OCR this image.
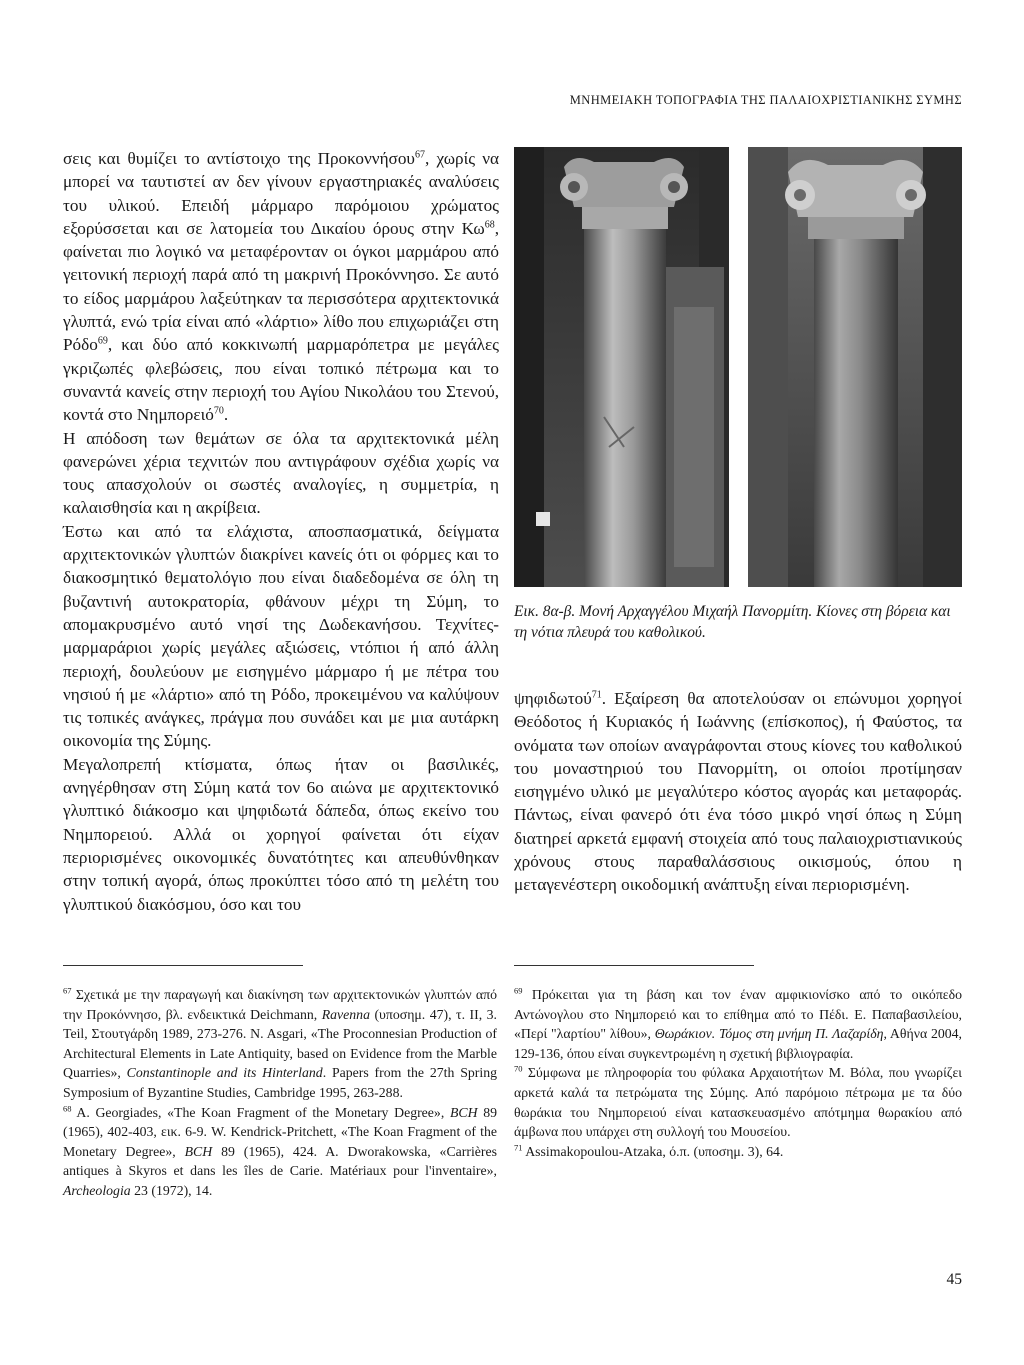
ΜΝΗΜΕΙΑΚΗ ΤΟΠΟΓΡΑΦΙΑ ΤΗΣ ΠΑΛΑΙΟΧΡΙΣΤΙΑΝΙΚΗΣ ΣΥΜΗΣ

σεις και θυμίζει το αντίστοιχο της Προκοννήσου$^{67}$, χωρίς να μπορεί να ταυτιστεί αν δεν γίνουν εργαστηριακές αναλύσεις του υλικού. Επειδή μάρμαρο παρόμοιου χρώματος εξορύσσεται και σε λατομεία του Δικαίου όρους στην $K\omega^{68}$, φαίνεται πιο λογικό να μεταφέρονταν οι όγκοι μαρμάρου από γειτονική περιοχή παρά από τη μακρινή Προκόννησο. Σε αυτό το είδος μαρμάρου λαξεύτηκαν τα περισσότερα αρχιτεκτονικά γλυπτά, ενώ τρία είναι από «λάρτιο» λίθο που επιχωριάζει στη Ρόδο$^{69}$, και δύο από κοκκινωπή μαρμαρόπετρα με μεγάλες γκριζωπές φλεβώσεις, που είναι τοπικό πέτρωμα και το συναντά κανείς στην περιοχή του Αγίου Νικολάου του Στενού, κοντά στο Νημπορειό$^{70}$.

Η απόδοση των θεμάτων σε όλα τα αρχιτεκτονικά μέλη φανερώνει χέρια τεχνιτών που αντιγράφουν σχέδια χωρίς να τους απασχολούν οι σωστές αναλογίες, η συμμετρία, η καλαισθησία και η ακρίβεια.

Έστω και από τα ελάχιστα, αποσπασματικά, δείγματα αρχιτεκτονικών γλυπτών διακρίνει κανείς ότι οι φόρμες και το διακοσμητικό θεματολόγιο που είναι διαδεδομένα σε όλη τη βυζαντινή αυτοκρατορία, φθάνουν μέχρι τη Σύμη, το απομακρυσμένο αυτό νησί της Δωδεκανήσου. Τεχνίτες-μαρμαράριοι χωρίς μεγάλες αξιώσεις, ντόπιοι ή από άλλη περιοχή, δουλεύουν με εισηγμένο μάρμαρο ή με πέτρα του νησιού ή με «λάρτιο» από τη Ρόδο, προκειμένου να καλύψουν τις τοπικές ανάγκες, πράγμα που συνάδει και με μια αυτάρκη οικονομία της Σύμης.

Μεγαλοπρεπή κτίσματα, όπως ήταν οι βασιλικές, ανηγέρθησαν στη Σύμη κατά τον 6ο αιώνα με αρχιτεκτονικό γλυπτικό διάκοσμο και ψηφιδωτά δάπεδα, όπως εκείνο του Νημπορειού. Αλλά οι χορηγοί φαίνεται ότι είχαν περιορισμένες οικονομικές δυνατότητες και απευθύνθηκαν στην τοπική αγορά, όπως προκύπτει τόσο από τη μελέτη του γλυπτικού διακόσμου, όσο και του

Εικ. 8α-β. Μονή Αρχαγγέλου Μιχαήλ Πανορμίτη. Κίονες στη βόρεια και τη νότια πλευρά του καθολικού.

ψηφιδωτού$^{71}$. Εξαίρεση θα αποτελούσαν οι επώνυμοι χορηγοί Θεόδοτος ή Κυριακός ή Ιωάννης (επίσκοπος), ή Φαύστος, τα ονόματα των οποίων αναγράφονται στους κίονες του καθολικού του μοναστηριού του Πανορμίτη, οι οποίοι προτίμησαν εισηγμένο υλικό με μεγαλύτερο κόστος αγοράς και μεταφοράς. Πάντως, είναι φανερό ότι ένα τόσο μικρό νησί όπως η Σύμη διατηρεί αρκετά εμφανή στοιχεία από τους παλαιοχριστιανικούς χρόνους στους παραθαλάσσιους οικισμούς, όπου η μεταγενέστερη οικοδομική ανάπτυξη είναι περιορισμένη.

$^{67}$ Σχετικά με την παραγωγή και διακίνηση των αρχιτεκτονικών γλυπτών από την Προκόννησο, βλ. ενδεικτικά Deichmann, Ravenna (υποσημ. 47), τ. II, 3. Teil, Στουτγάρδη 1989, 273-276. N. Asgari, «The Proconnesian Production of Architectural Elements in Late Antiquity, based on Evidence from the Marble Quarries», Constantinople and its Hinterland. Papers from the 27th Spring Symposium of Byzantine Studies, Cambridge 1995, 263-288.

$^{68}$ A. Georgiades, «The Koan Fragment of the Monetary Degree», BCH 89 (1965), 402-403, εικ. 6-9. W. Kendrick-Pritchett, «The Koan Fragment of the Monetary Degree», BCH 89 (1965), 424. A. Dworakowska, «Carrières antiques à Skyros et dans les îles de Carie. Matériaux pour l'inventaire», Archeologia 23 (1972), 14.

$^{69}$ Πρόκειται για τη βάση και τον έναν αμφικιονίσκο από το οικόπεδο Αντώνογλου στο Νημπορειό και το επίθημα από το Πέδι. Ε. Παπαβασιλείου, «Περί "λαρτίου" λίθου», Θωράκιον. Τόμος στη μνήμη Π. Λαζαρίδη, Αθήνα 2004, 129-136, όπου είναι συγκεντρωμένη η σχετική βιβλιογραφία.

$^{70}$ Σύμφωνα με πληροφορία του φύλακα Αρχαιοτήτων Μ. Βόλα, που γνωρίζει αρκετά καλά τα πετρώματα της Σύμης. Από παρόμοιο πέτρωμα με τα δύο θωράκια του Νημπορειού είναι κατασκευασμένο απότμημα θωρακίου από άμβωνα που υπάρχει στη συλλογή του Μουσείου.

$^{71}$ Assimakopoulou-Atzaka, ό.π. (υποσημ. 3), 64.

45
